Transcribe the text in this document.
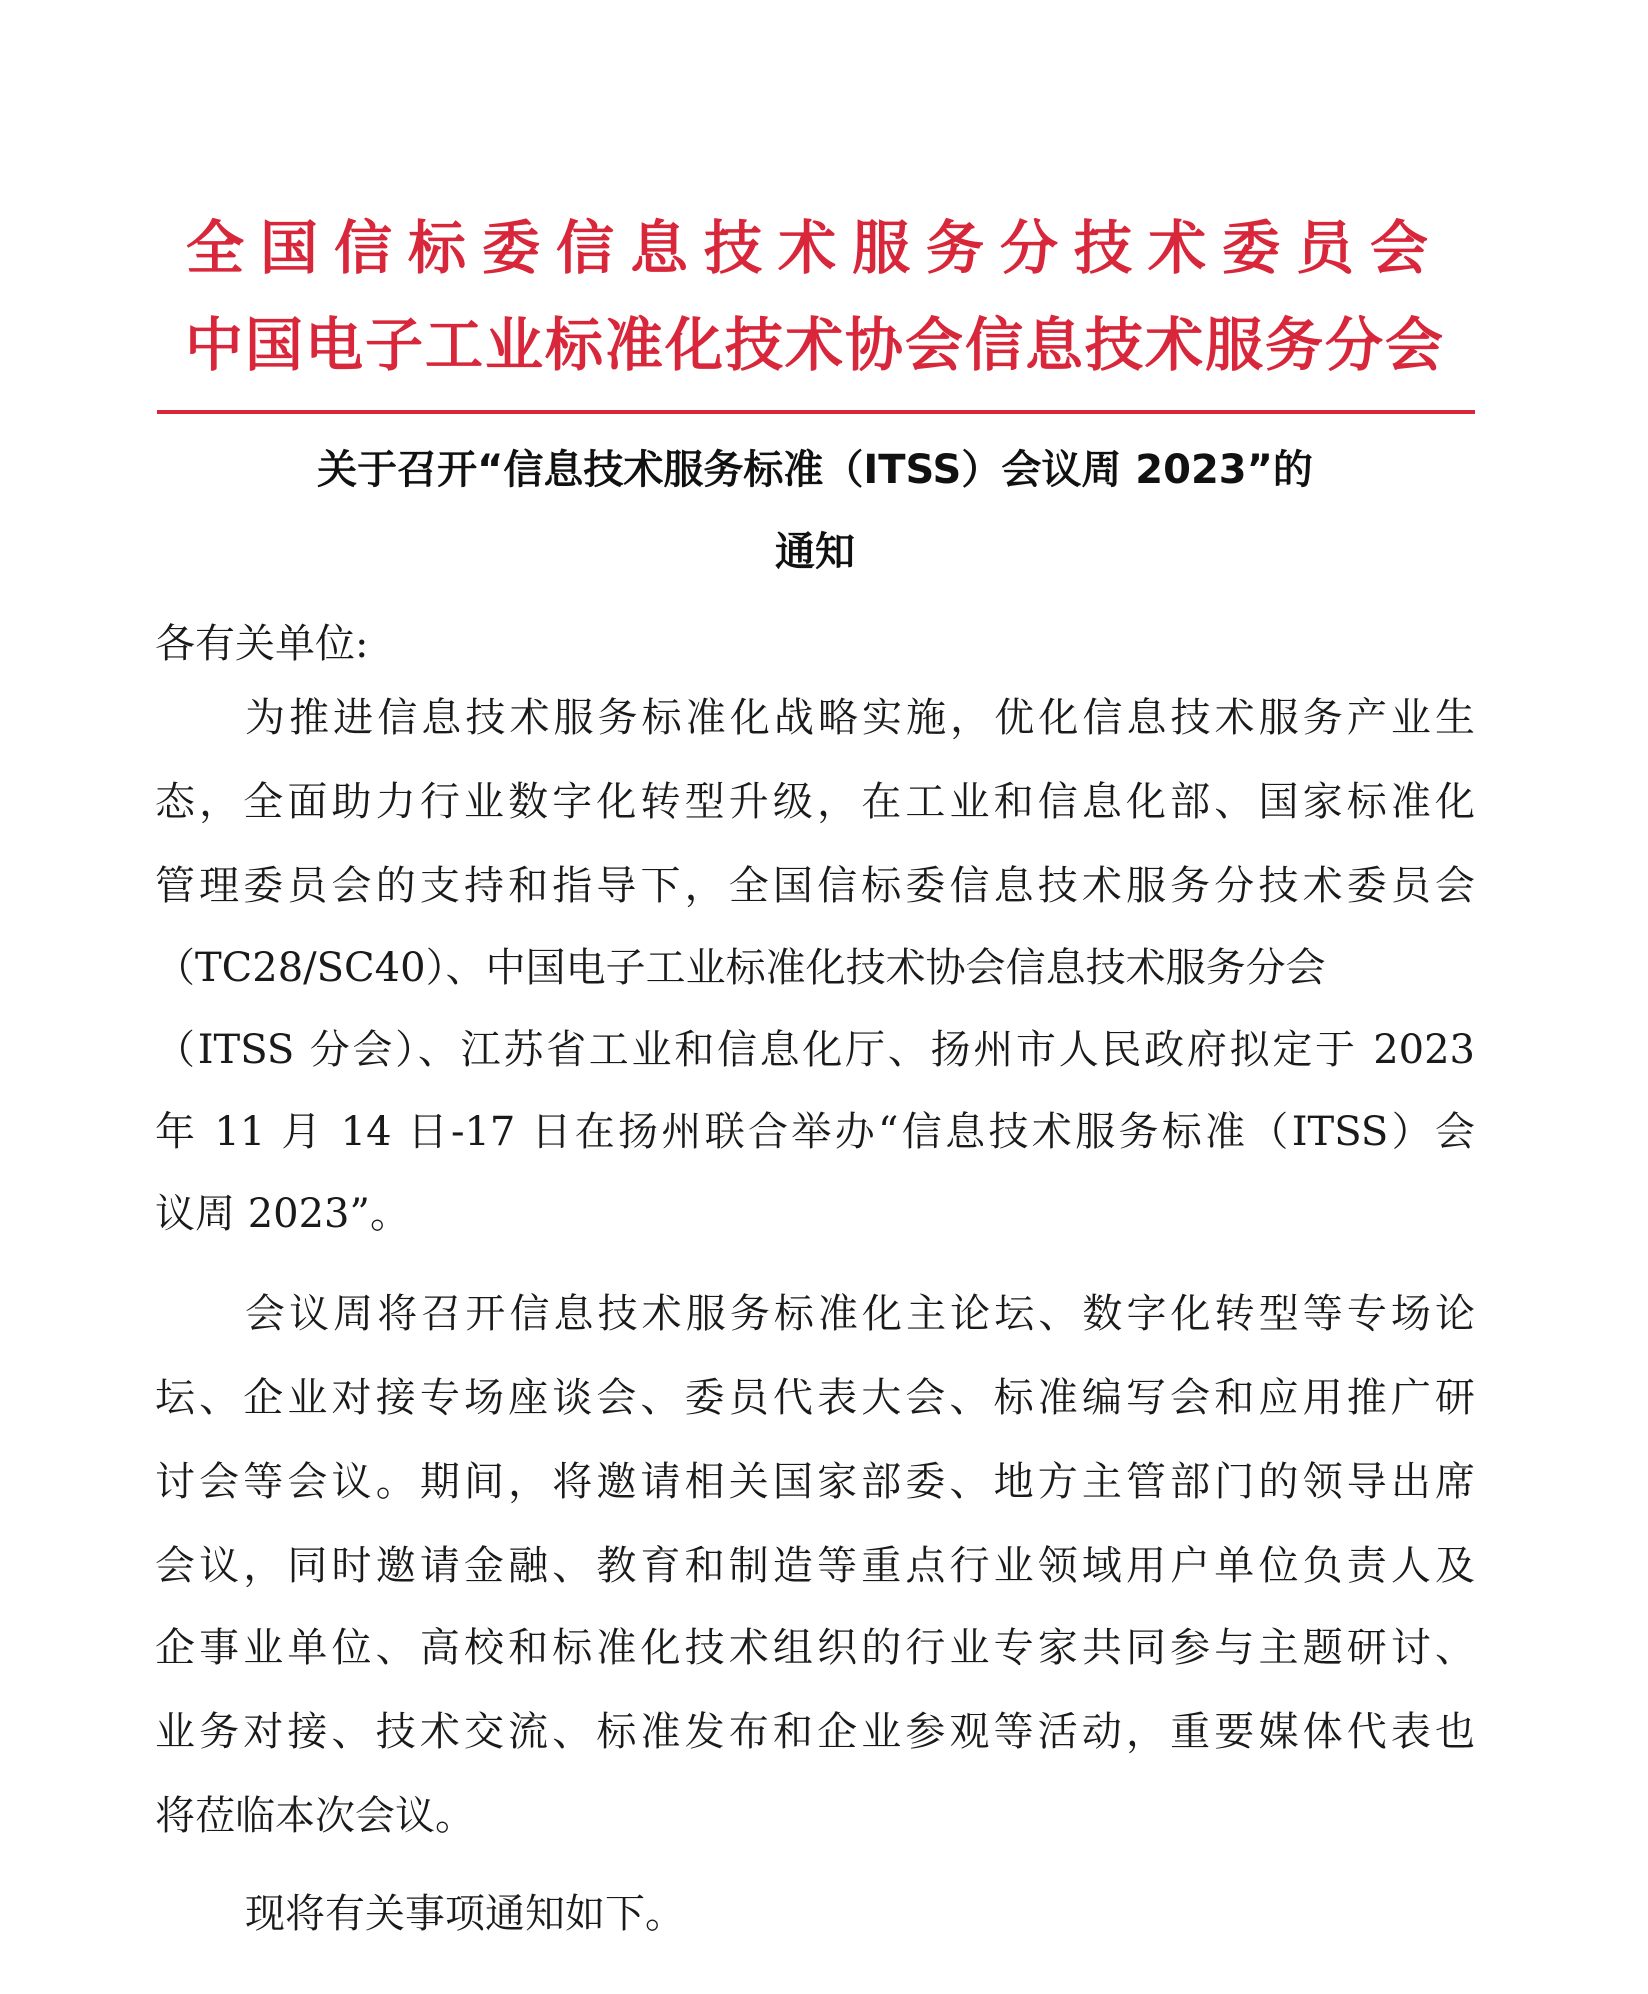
全国信标委信息技术服务分技术委员会
中国电子工业标准化技术协会信息技术服务分会
关于召开“信息技术服务标准（ITSS）会议周 2023”的
通知
各有关单位:
为推进信息技术服务标准化战略实施，优化信息技术服务产业生
态，全面助力行业数字化转型升级，在工业和信息化部、国家标准化
管理委员会的支持和指导下，全国信标委信息技术服务分技术委员会
（TC28/SC40）、中国电子工业标准化技术协会信息技术服务分会
（ITSS 分会）、江苏省工业和信息化厅、扬州市人民政府拟定于 2023
年 11 月 14 日-17 日在扬州联合举办“信息技术服务标准（ITSS）会
议周 2023”。
会议周将召开信息技术服务标准化主论坛、数字化转型等专场论
坛、企业对接专场座谈会、委员代表大会、标准编写会和应用推广研
讨会等会议。期间，将邀请相关国家部委、地方主管部门的领导出席
会议，同时邀请金融、教育和制造等重点行业领域用户单位负责人及
企事业单位、高校和标准化技术组织的行业专家共同参与主题研讨、
业务对接、技术交流、标准发布和企业参观等活动，重要媒体代表也
将莅临本次会议。
现将有关事项通知如下。
